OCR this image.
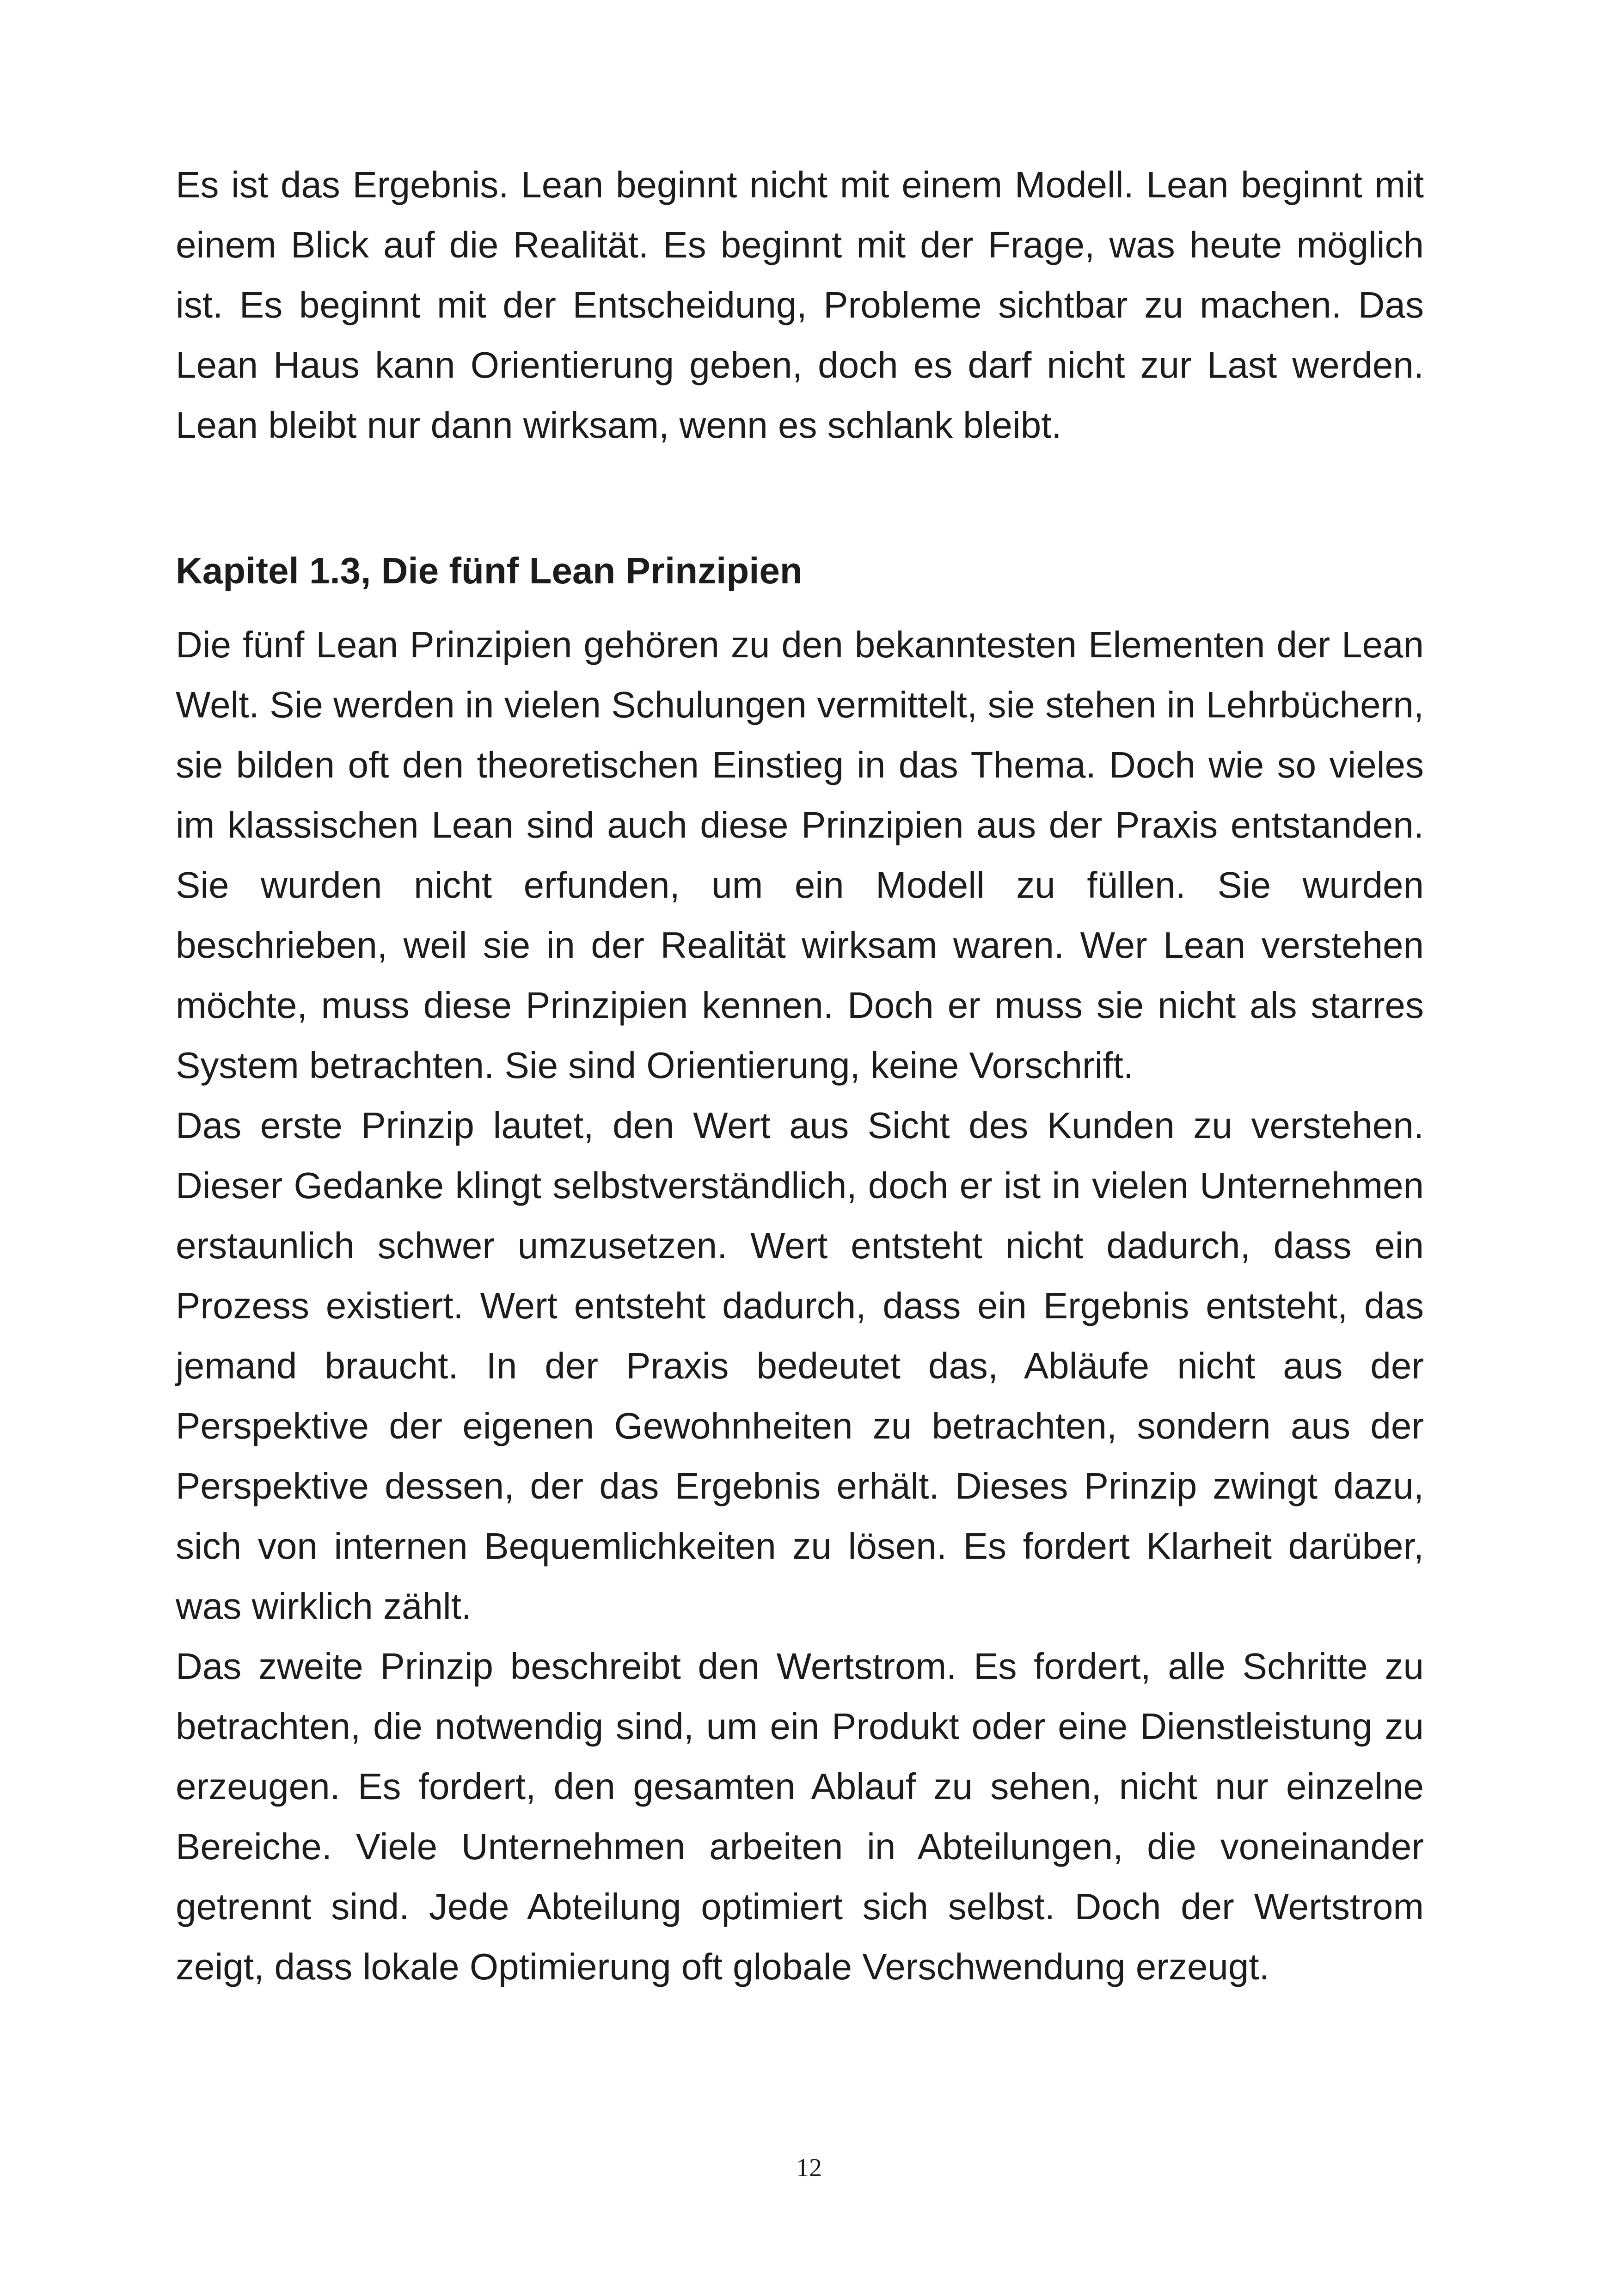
Es ist das Ergebnis. Lean beginnt nicht mit einem Modell. Lean beginnt mit einem Blick auf die Realität. Es beginnt mit der Frage, was heute möglich ist. Es beginnt mit der Entscheidung, Probleme sichtbar zu machen. Das Lean Haus kann Orientierung geben, doch es darf nicht zur Last werden. Lean bleibt nur dann wirksam, wenn es schlank bleibt.

Kapitel 1.3, Die fünf Lean Prinzipien

Die fünf Lean Prinzipien gehören zu den bekanntesten Elementen der Lean Welt. Sie werden in vielen Schulungen vermittelt, sie stehen in Lehrbüchern, sie bilden oft den theoretischen Einstieg in das Thema. Doch wie so vieles im klassischen Lean sind auch diese Prinzipien aus der Praxis entstanden. Sie wurden nicht erfunden, um ein Modell zu füllen. Sie wurden beschrieben, weil sie in der Realität wirksam waren. Wer Lean verstehen möchte, muss diese Prinzipien kennen. Doch er muss sie nicht als starres System betrachten. Sie sind Orientierung, keine Vorschrift.

Das erste Prinzip lautet, den Wert aus Sicht des Kunden zu verstehen. Dieser Gedanke klingt selbstverständlich, doch er ist in vielen Unternehmen erstaunlich schwer umzusetzen. Wert entsteht nicht dadurch, dass ein Prozess existiert. Wert entsteht dadurch, dass ein Ergebnis entsteht, das jemand braucht. In der Praxis bedeutet das, Abläufe nicht aus der Perspektive der eigenen Gewohnheiten zu betrachten, sondern aus der Perspektive dessen, der das Ergebnis erhält. Dieses Prinzip zwingt dazu, sich von internen Bequemlichkeiten zu lösen. Es fordert Klarheit darüber, was wirklich zählt.

Das zweite Prinzip beschreibt den Wertstrom. Es fordert, alle Schritte zu betrachten, die notwendig sind, um ein Produkt oder eine Dienstleistung zu erzeugen. Es fordert, den gesamten Ablauf zu sehen, nicht nur einzelne Bereiche. Viele Unternehmen arbeiten in Abteilungen, die voneinander getrennt sind. Jede Abteilung optimiert sich selbst. Doch der Wertstrom zeigt, dass lokale Optimierung oft globale Verschwendung erzeugt.

12
